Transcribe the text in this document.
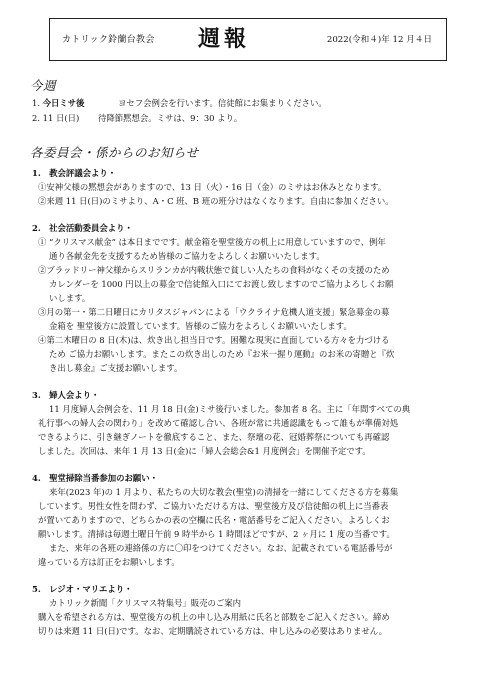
カトリック鈴蘭台教会 週報	2022(令和４)年 12 月４日
今週
1. 今日ミサ後	ヨセフ会例会を行います。信徒館にお集まりください。
2. 11 日(日) 待降節黙想会。ミサは、9：30 より。
各委員会・係からのお知らせ
1.　教会評議会より・
①安神父様の黙想会がありますので、13 日（火）・16 日（金）のミサはお休みとなります。
②来週 11 日(日)のミサより、A・C 班、B 班の班分けはなくなります。自由に参加ください。
2.　社会活動委員会より・
① “クリスマス献金” は本日までです。献金箱を聖堂後方の机上に用意していますので、例年
通り各献金先を支援するため皆様のご協力をよろしくお願いいたします。
②ブラッドリー神父様からスリランカが内戦状態で貧しい人たちの食料がなくその支援のため
カレンダーを 1000 円以上の募金で信徒館入口にてお渡し致しますのでご協力よろしくお願
いします。
③月の第一・第二日曜日にカリタスジャパンによる「ウクライナ危機人道支援」緊急募金の募
金箱を 聖堂後方に設置しています。皆様のご協力をよろしくお願いいたします。
④第二木曜日の 8 日(木)は、炊き出し担当日です。困難な現実に直面している方々を力づける
ため ご協力お願いします。またこの炊き出しのため『お米一握り運動』のお米の寄贈と『炊
き出し募金』ご支援お願いします。
3.　婦人会より・
11 月度婦人会例会を、11 月 18 日(金)ミサ後行いました。参加者 8 名。主に「年間すべての典
礼行事への婦人会の関わり」を改めて確認し合い、各班が常に共通認識をもって誰もが準備対処
できるように、引き継ぎノートを徹底すること、また、祭壇の花、冠婚葬祭についても再確認
しました。次回は、来年 1 月 13 日(金)に「婦人会総会&1 月度例会」を開催予定です。
4.　聖堂掃除当番参加のお願い・
来年(2023 年)の 1 月より、私たちの大切な教会(聖堂)の清掃を一緒にしてくださる方を募集
しています。男性女性を問わず、ご協力いただける方は、聖堂後方及び信徒館の机上に当番表
が置いてありますので、どちらかの表の空欄に氏名・電話番号をご記入ください。よろしくお
願いします。清掃は毎週土曜日午前 9 時半から 1 時間ほどですが、2 ヶ月に 1 度の当番です。
また、来年の各班の連絡係の方に〇印をつけてください。なお、記載されている電話番号が
違っている方は訂正をお願いします。
5.　レジオ・マリエより・
カトリック新聞「クリスマス特集号」販売のご案内
購入を希望される方は、聖堂後方の机上の申し込み用紙に氏名と部数をご記入ください。締め
切りは来週 11 日(日)です。なお、定期購読されている方は、申し込みの必要はありません。
